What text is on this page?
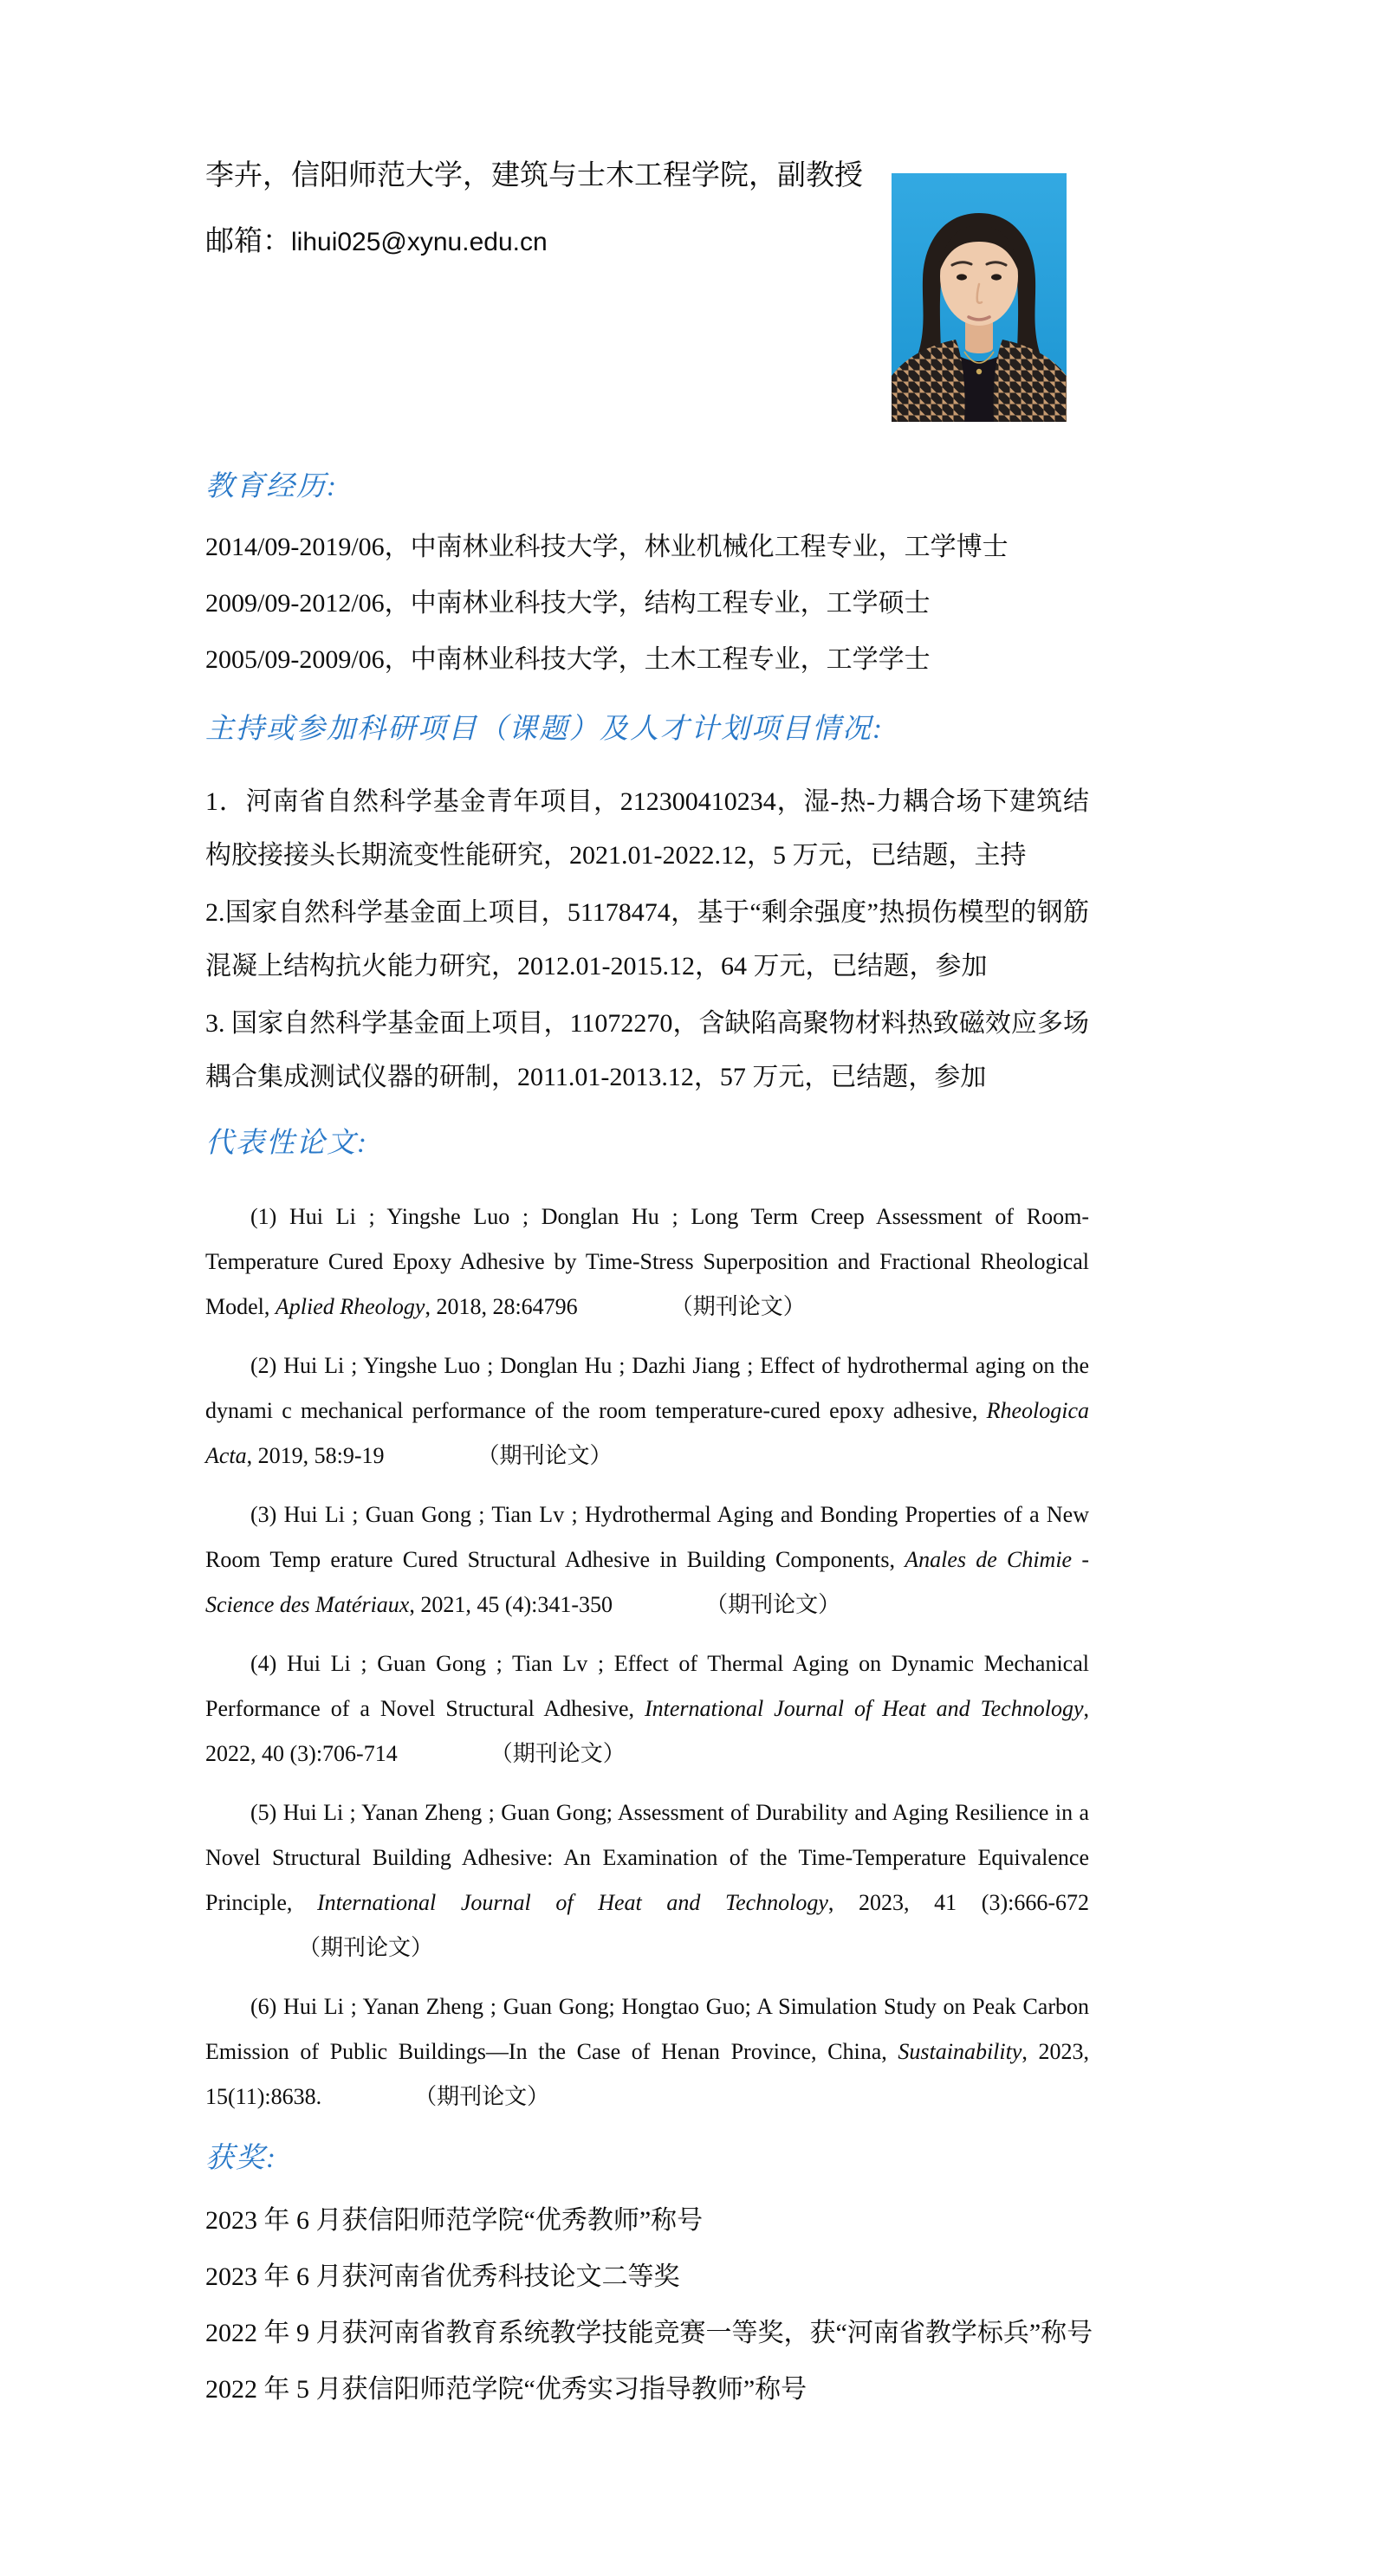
李卉，信阳师范大学，建筑与士木工程学院，副教授
邮箱：lihui025@xynu.edu.cn
教育经历:
2014/09-2019/06，中南林业科技大学，林业机械化工程专业，工学博士
2009/09-2012/06，中南林业科技大学，结构工程专业，工学硕士
2005/09-2009/06，中南林业科技大学，土木工程专业，工学学士
主持或参加科研项目（课题）及人才计划项目情况:

1．河南省自然科学基金青年项目，212300410234，湿-热-力耦合场下建筑结构胶接接头长期流变性能研究，2021.01-2022.12，5 万元，已结题，主持

2.国家自然科学基金面上项目，51178474，基于“剩余强度”热损伤模型的钢筋混凝上结构抗火能力研究，2012.01-2015.12，64 万元，已结题，参加

3. 国家自然科学基金面上项目，11072270，含缺陷高聚物材料热致磁效应多场耦合集成测试仪器的研制，2011.01-2013.12，57 万元，已结题，参加

代表性论文:

(1) Hui Li ; Yingshe Luo ; Donglan Hu ; Long Term Creep Assessment of Room-Temperature Cured Epoxy Adhesive by Time-Stress Superposition and Fractional Rheological Model, Aplied Rheology, 2018, 28:64796	（期刊论文）

(2) Hui Li ; Yingshe Luo ; Donglan Hu ; Dazhi Jiang ; Effect of hydrothermal aging on the dynami c mechanical performance of the room temperature-cured epoxy adhesive, Rheologica Acta, 2019, 58:9-19	（期刊论文）

(3) Hui Li ; Guan Gong ; Tian Lv ; Hydrothermal Aging and Bonding Properties of a New Room Temp erature Cured Structural Adhesive in Building Components, Anales de Chimie - Science des Matériaux, 2021, 45 (4):341-350	（期刊论文）

(4) Hui Li ; Guan Gong ; Tian Lv ; Effect of Thermal Aging on Dynamic Mechanical Performance of a Novel Structural Adhesive, International Journal of Heat and Technology, 2022, 40 (3):706-714	（期刊论文）

(5) Hui Li ; Yanan Zheng ; Guan Gong; Assessment of Durability and Aging Resilience in a Novel Structural Building Adhesive: An Examination of the Time-Temperature Equivalence Principle, International Journal of Heat and Technology, 2023, 41 (3):666-672（期刊论文）

(6) Hui Li ; Yanan Zheng ; Guan Gong; Hongtao Guo; A Simulation Study on Peak Carbon Emission of Public Buildings—In the Case of Henan Province, China, Sustainability, 2023, 15(11):8638.	（期刊论文）

获奖:
2023 年 6 月获信阳师范学院“优秀教师”称号
2023 年 6 月获河南省优秀科技论文二等奖
2022 年 9 月获河南省教育系统教学技能竞赛一等奖，获“河南省教学标兵”称号
2022 年 5 月获信阳师范学院“优秀实习指导教师”称号
